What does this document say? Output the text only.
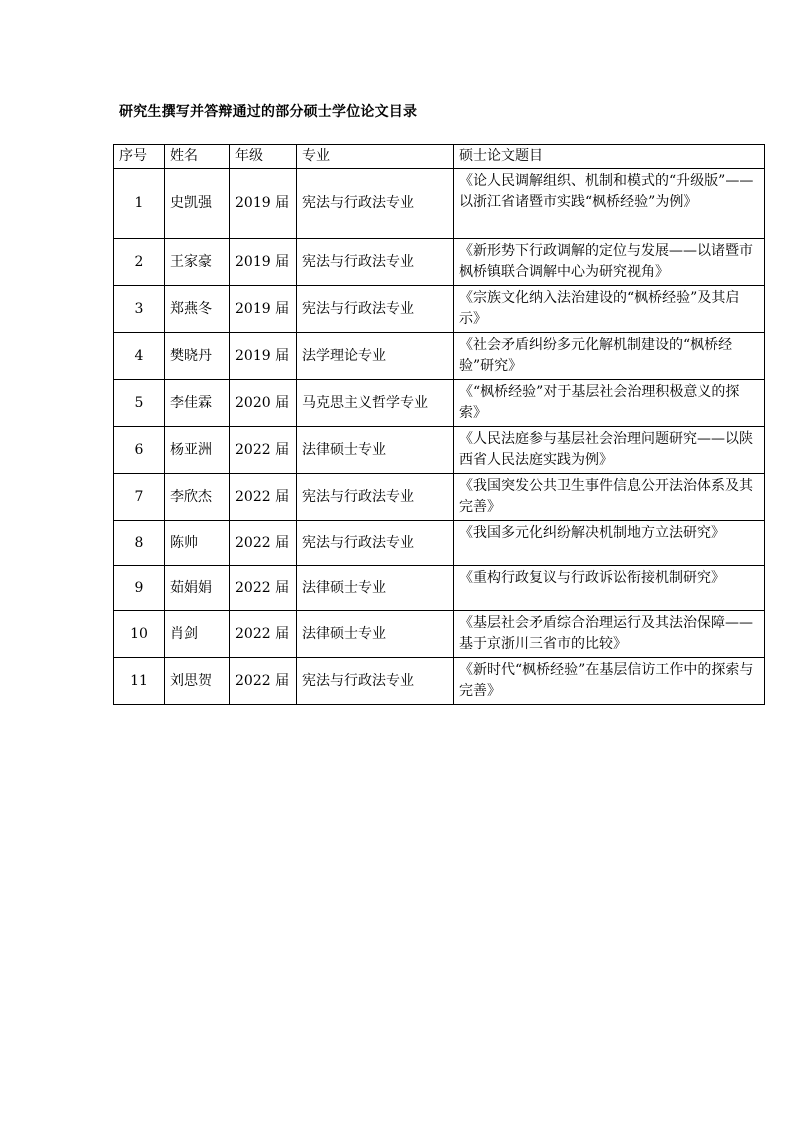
研究生撰写并答辩通过的部分硕士学位论文目录
序号	姓名	年级	专业	硕士论文题目
1	史凯强	2019 届	宪法与行政法专业	《论人民调解组织、机制和模式的“升级版”——以浙江省诸暨市实践“枫桥经验”为例》
2	王家豪	2019 届	宪法与行政法专业	《新形势下行政调解的定位与发展——以诸暨市枫桥镇联合调解中心为研究视角》
3	郑燕冬	2019 届	宪法与行政法专业	《宗族文化纳入法治建设的“枫桥经验”及其启示》
4	樊晓丹	2019 届	法学理论专业	《社会矛盾纠纷多元化解机制建设的“枫桥经验”研究》
5	李佳霖	2020 届	马克思主义哲学专业	《“枫桥经验”对于基层社会治理积极意义的探索》
6	杨亚洲	2022 届	法律硕士专业	《人民法庭参与基层社会治理问题研究——以陕西省人民法庭实践为例》
7	李欣杰	2022 届	宪法与行政法专业	《我国突发公共卫生事件信息公开法治体系及其完善》
8	陈帅	2022 届	宪法与行政法专业	《我国多元化纠纷解决机制地方立法研究》
9	茹娟娟	2022 届	法律硕士专业	《重构行政复议与行政诉讼衔接机制研究》
10	肖剑	2022 届	法律硕士专业	《基层社会矛盾综合治理运行及其法治保障——基于京浙川三省市的比较》
11	刘思贺	2022 届	宪法与行政法专业	《新时代“枫桥经验”在基层信访工作中的探索与完善》
